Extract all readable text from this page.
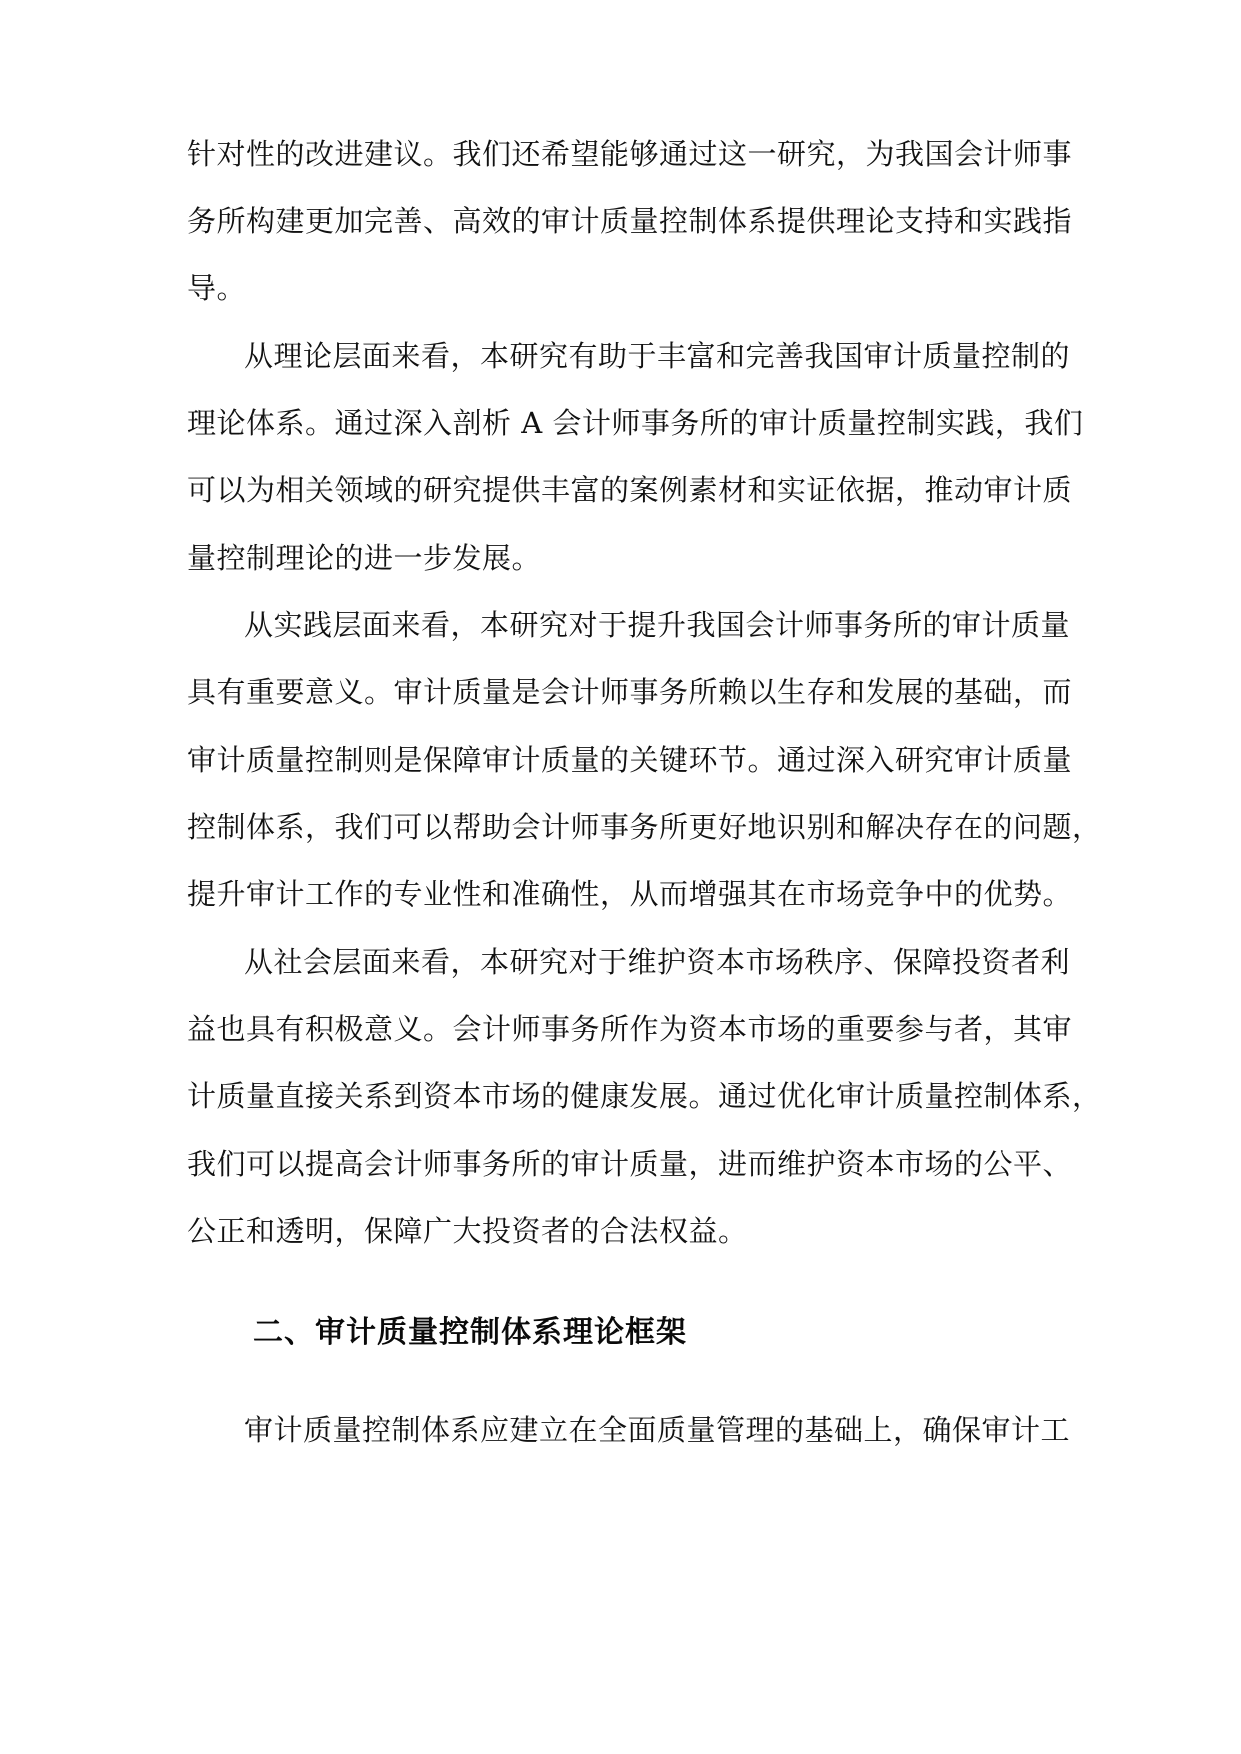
针对性的改进建议。我们还希望能够通过这一研究，为我国会计师事
务所构建更加完善、高效的审计质量控制体系提供理论支持和实践指
导。
从理论层面来看，本研究有助于丰富和完善我国审计质量控制的
理论体系。通过深入剖析 A 会计师事务所的审计质量控制实践，我们
可以为相关领域的研究提供丰富的案例素材和实证依据，推动审计质
量控制理论的进一步发展。
从实践层面来看，本研究对于提升我国会计师事务所的审计质量
具有重要意义。审计质量是会计师事务所赖以生存和发展的基础，而
审计质量控制则是保障审计质量的关键环节。通过深入研究审计质量
控制体系，我们可以帮助会计师事务所更好地识别和解决存在的问题，
提升审计工作的专业性和准确性，从而增强其在市场竞争中的优势。
从社会层面来看，本研究对于维护资本市场秩序、保障投资者利
益也具有积极意义。会计师事务所作为资本市场的重要参与者，其审
计质量直接关系到资本市场的健康发展。通过优化审计质量控制体系，
我们可以提高会计师事务所的审计质量，进而维护资本市场的公平、
公正和透明，保障广大投资者的合法权益。
二、审计质量控制体系理论框架
审计质量控制体系应建立在全面质量管理的基础上，确保审计工
